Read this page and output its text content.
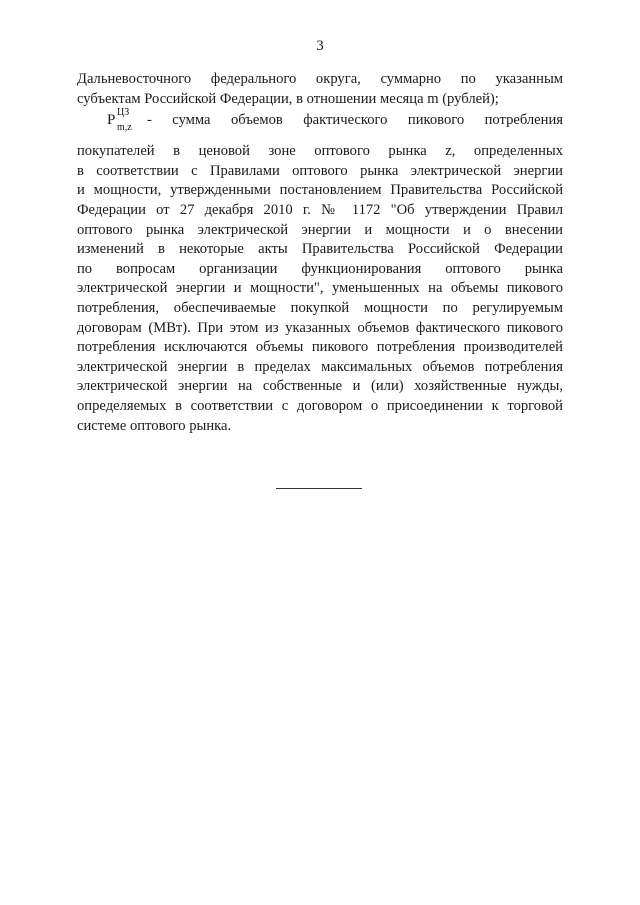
3
Дальневосточного федерального округа, суммарно по указанным
субъектам Российской Федерации, в отношении месяца m (рублей);
P ЦЗ
m,z - сумма объемов фактического пикового потребления
покупателей в ценовой зоне оптового рынка z, определенных
в соответствии с Правилами оптового рынка электрической энергии
и мощности, утвержденными постановлением Правительства Российской
Федерации от 27 декабря 2010 г. № 1172 "Об утверждении Правил
оптового рынка электрической энергии и мощности и о внесении
изменений в некоторые акты Правительства Российской Федерации
по вопросам организации функционирования оптового рынка
электрической энергии и мощности", уменьшенных на объемы пикового
потребления, обеспечиваемые покупкой мощности по регулируемым
договорам (МВт). При этом из указанных объемов фактического пикового
потребления исключаются объемы пикового потребления производителей
электрической энергии в пределах максимальных объемов потребления
электрической энергии на собственные и (или) хозяйственные нужды,
определяемых в соответствии с договором о присоединении к торговой
системе оптового рынка.
